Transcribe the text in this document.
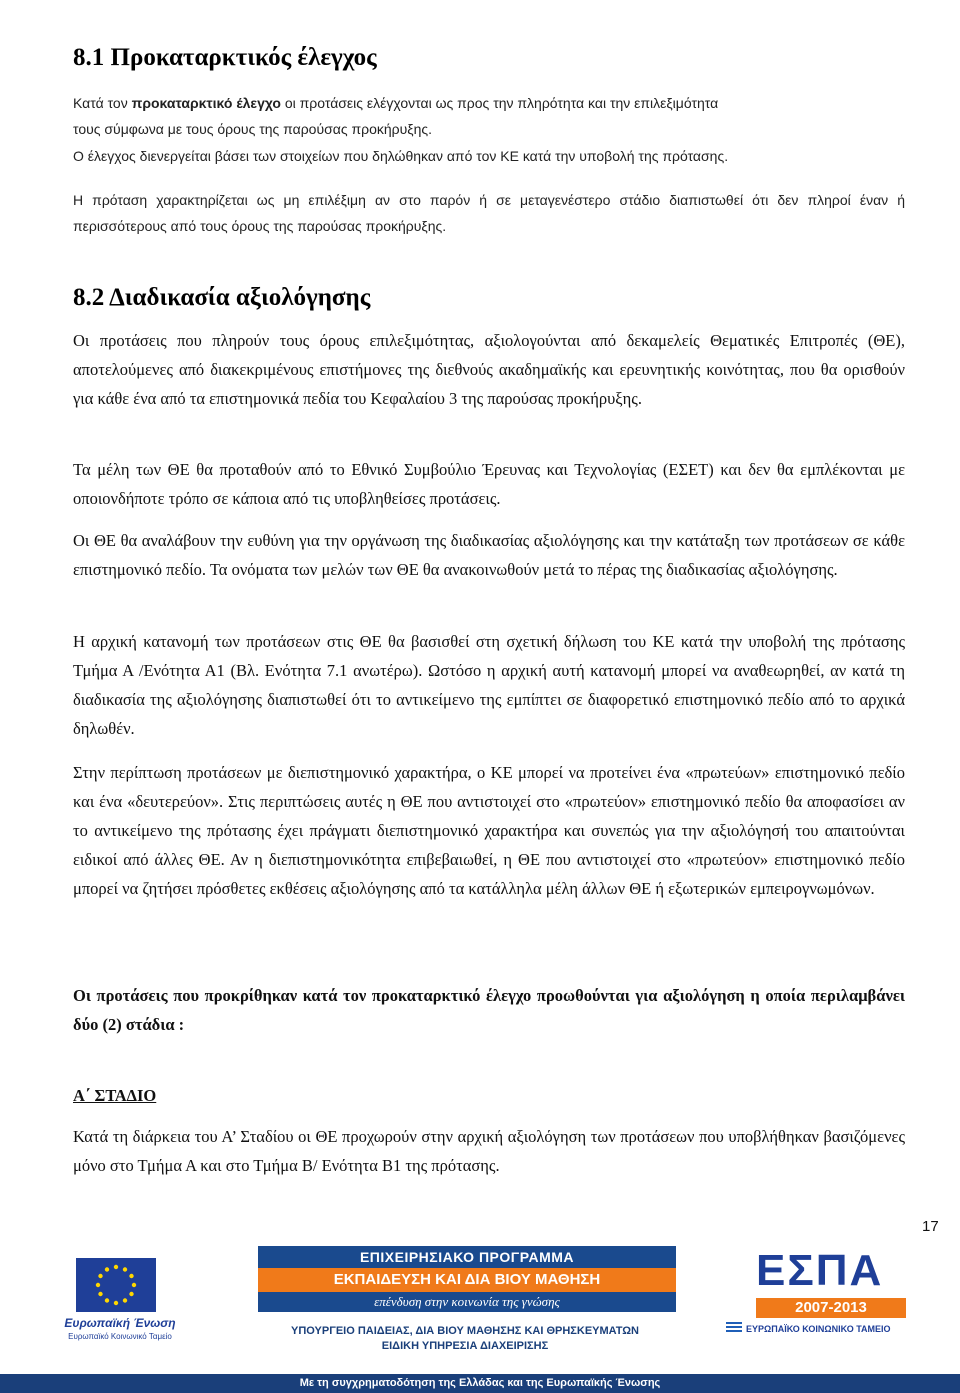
8.1 Προκαταρκτικός έλεγχος

Κατά τον προκαταρκτικό έλεγχο οι προτάσεις ελέγχονται ως προς την πληρότητα και την επιλεξιμότητα
τους σύμφωνα με τους όρους της παρούσας προκήρυξης.

Ο έλεγχος διενεργείται βάσει των στοιχείων που δηλώθηκαν από τον ΚΕ κατά την υποβολή της πρότασης.

Η πρόταση χαρακτηρίζεται ως μη επιλέξιμη αν στο παρόν ή σε μεταγενέστερο στάδιο διαπιστωθεί ότι δεν πληροί έναν ή περισσότερους από τους όρους της παρούσας προκήρυξης.

8.2 Διαδικασία αξιολόγησης

Οι προτάσεις που πληρούν τους όρους επιλεξιμότητας, αξιολογούνται από δεκαμελείς Θεματικές Επιτροπές (ΘΕ), αποτελούμενες από διακεκριμένους επιστήμονες της διεθνούς ακαδημαϊκής και ερευνητικής κοινότητας, που θα ορισθούν για κάθε ένα από τα επιστημονικά πεδία του Κεφαλαίου 3 της παρούσας προκήρυξης.

Τα μέλη των ΘΕ θα προταθούν από το Εθνικό Συμβούλιο Έρευνας και Τεχνολογίας (ΕΣΕΤ) και δεν θα εμπλέκονται με οποιονδήποτε τρόπο σε κάποια από τις υποβληθείσες προτάσεις.

Οι ΘΕ θα αναλάβουν την ευθύνη για την οργάνωση της διαδικασίας αξιολόγησης και την κατάταξη των προτάσεων σε κάθε επιστημονικό πεδίο. Τα ονόματα των μελών των ΘΕ θα ανακοινωθούν μετά το πέρας της διαδικασίας αξιολόγησης.

Η αρχική κατανομή των προτάσεων στις ΘΕ θα βασισθεί στη σχετική δήλωση του ΚΕ κατά την υποβολή της πρότασης Τμήμα Α /Ενότητα Α1 (Βλ. Ενότητα 7.1 ανωτέρω). Ωστόσο η αρχική αυτή κατανομή μπορεί να αναθεωρηθεί, αν κατά τη διαδικασία της αξιολόγησης διαπιστωθεί ότι το αντικείμενο της εμπίπτει σε διαφορετικό επιστημονικό πεδίο από το αρχικά δηλωθέν.

Στην περίπτωση προτάσεων με διεπιστημονικό χαρακτήρα, ο ΚΕ μπορεί να προτείνει ένα «πρωτεύων» επιστημονικό πεδίο και ένα «δευτερεύον». Στις περιπτώσεις αυτές η ΘΕ που αντιστοιχεί στο «πρωτεύον» επιστημονικό πεδίο θα αποφασίσει αν το αντικείμενο της πρότασης έχει πράγματι διεπιστημονικό χαρακτήρα και συνεπώς για την αξιολόγησή του απαιτούνται ειδικοί από άλλες ΘΕ. Αν η διεπιστημονικότητα επιβεβαιωθεί, η ΘΕ που αντιστοιχεί στο «πρωτεύον» επιστημονικό πεδίο μπορεί να ζητήσει πρόσθετες εκθέσεις αξιολόγησης από τα κατάλληλα μέλη άλλων ΘΕ ή εξωτερικών εμπειρογνωμόνων.

Οι προτάσεις που προκρίθηκαν κατά τον προκαταρκτικό έλεγχο προωθούνται για αξιολόγηση η οποία περιλαμβάνει δύο (2) στάδια :

Α΄ ΣΤΑΔΙΟ

Κατά τη διάρκεια του Α’ Σταδίου οι ΘΕ προχωρούν στην αρχική αξιολόγηση των προτάσεων που υποβλήθηκαν βασιζόμενες μόνο στο Τμήμα Α και στο Τμήμα Β/ Ενότητα Β1 της πρότασης.

17
Ευρωπαϊκή Ένωση
Ευρωπαϊκό Κοινωνικό Ταμείο
ΕΠΙΧΕΙΡΗΣΙΑΚΟ ΠΡΟΓΡΑΜΜΑ
ΕΚΠΑΙΔΕΥΣΗ ΚΑΙ ΔΙΑ ΒΙΟΥ ΜΑΘΗΣΗ
επένδυση στην κοινωνία της γνώσης
ΥΠΟΥΡΓΕΙΟ ΠΑΙΔΕΙΑΣ, ΔΙΑ ΒΙΟΥ ΜΑΘΗΣΗΣ ΚΑΙ ΘΡΗΣΚΕΥΜΑΤΩΝ
ΕΙΔΙΚΗ ΥΠΗΡΕΣΙΑ ΔΙΑΧΕΙΡΙΣΗΣ
ΕΣΠΑ
2007-2013
ΕΥΡΩΠΑΪΚΟ ΚΟΙΝΩΝΙΚΟ ΤΑΜΕΙΟ
Με τη συγχρηματοδότηση της Ελλάδας και της Ευρωπαϊκής Ένωσης
